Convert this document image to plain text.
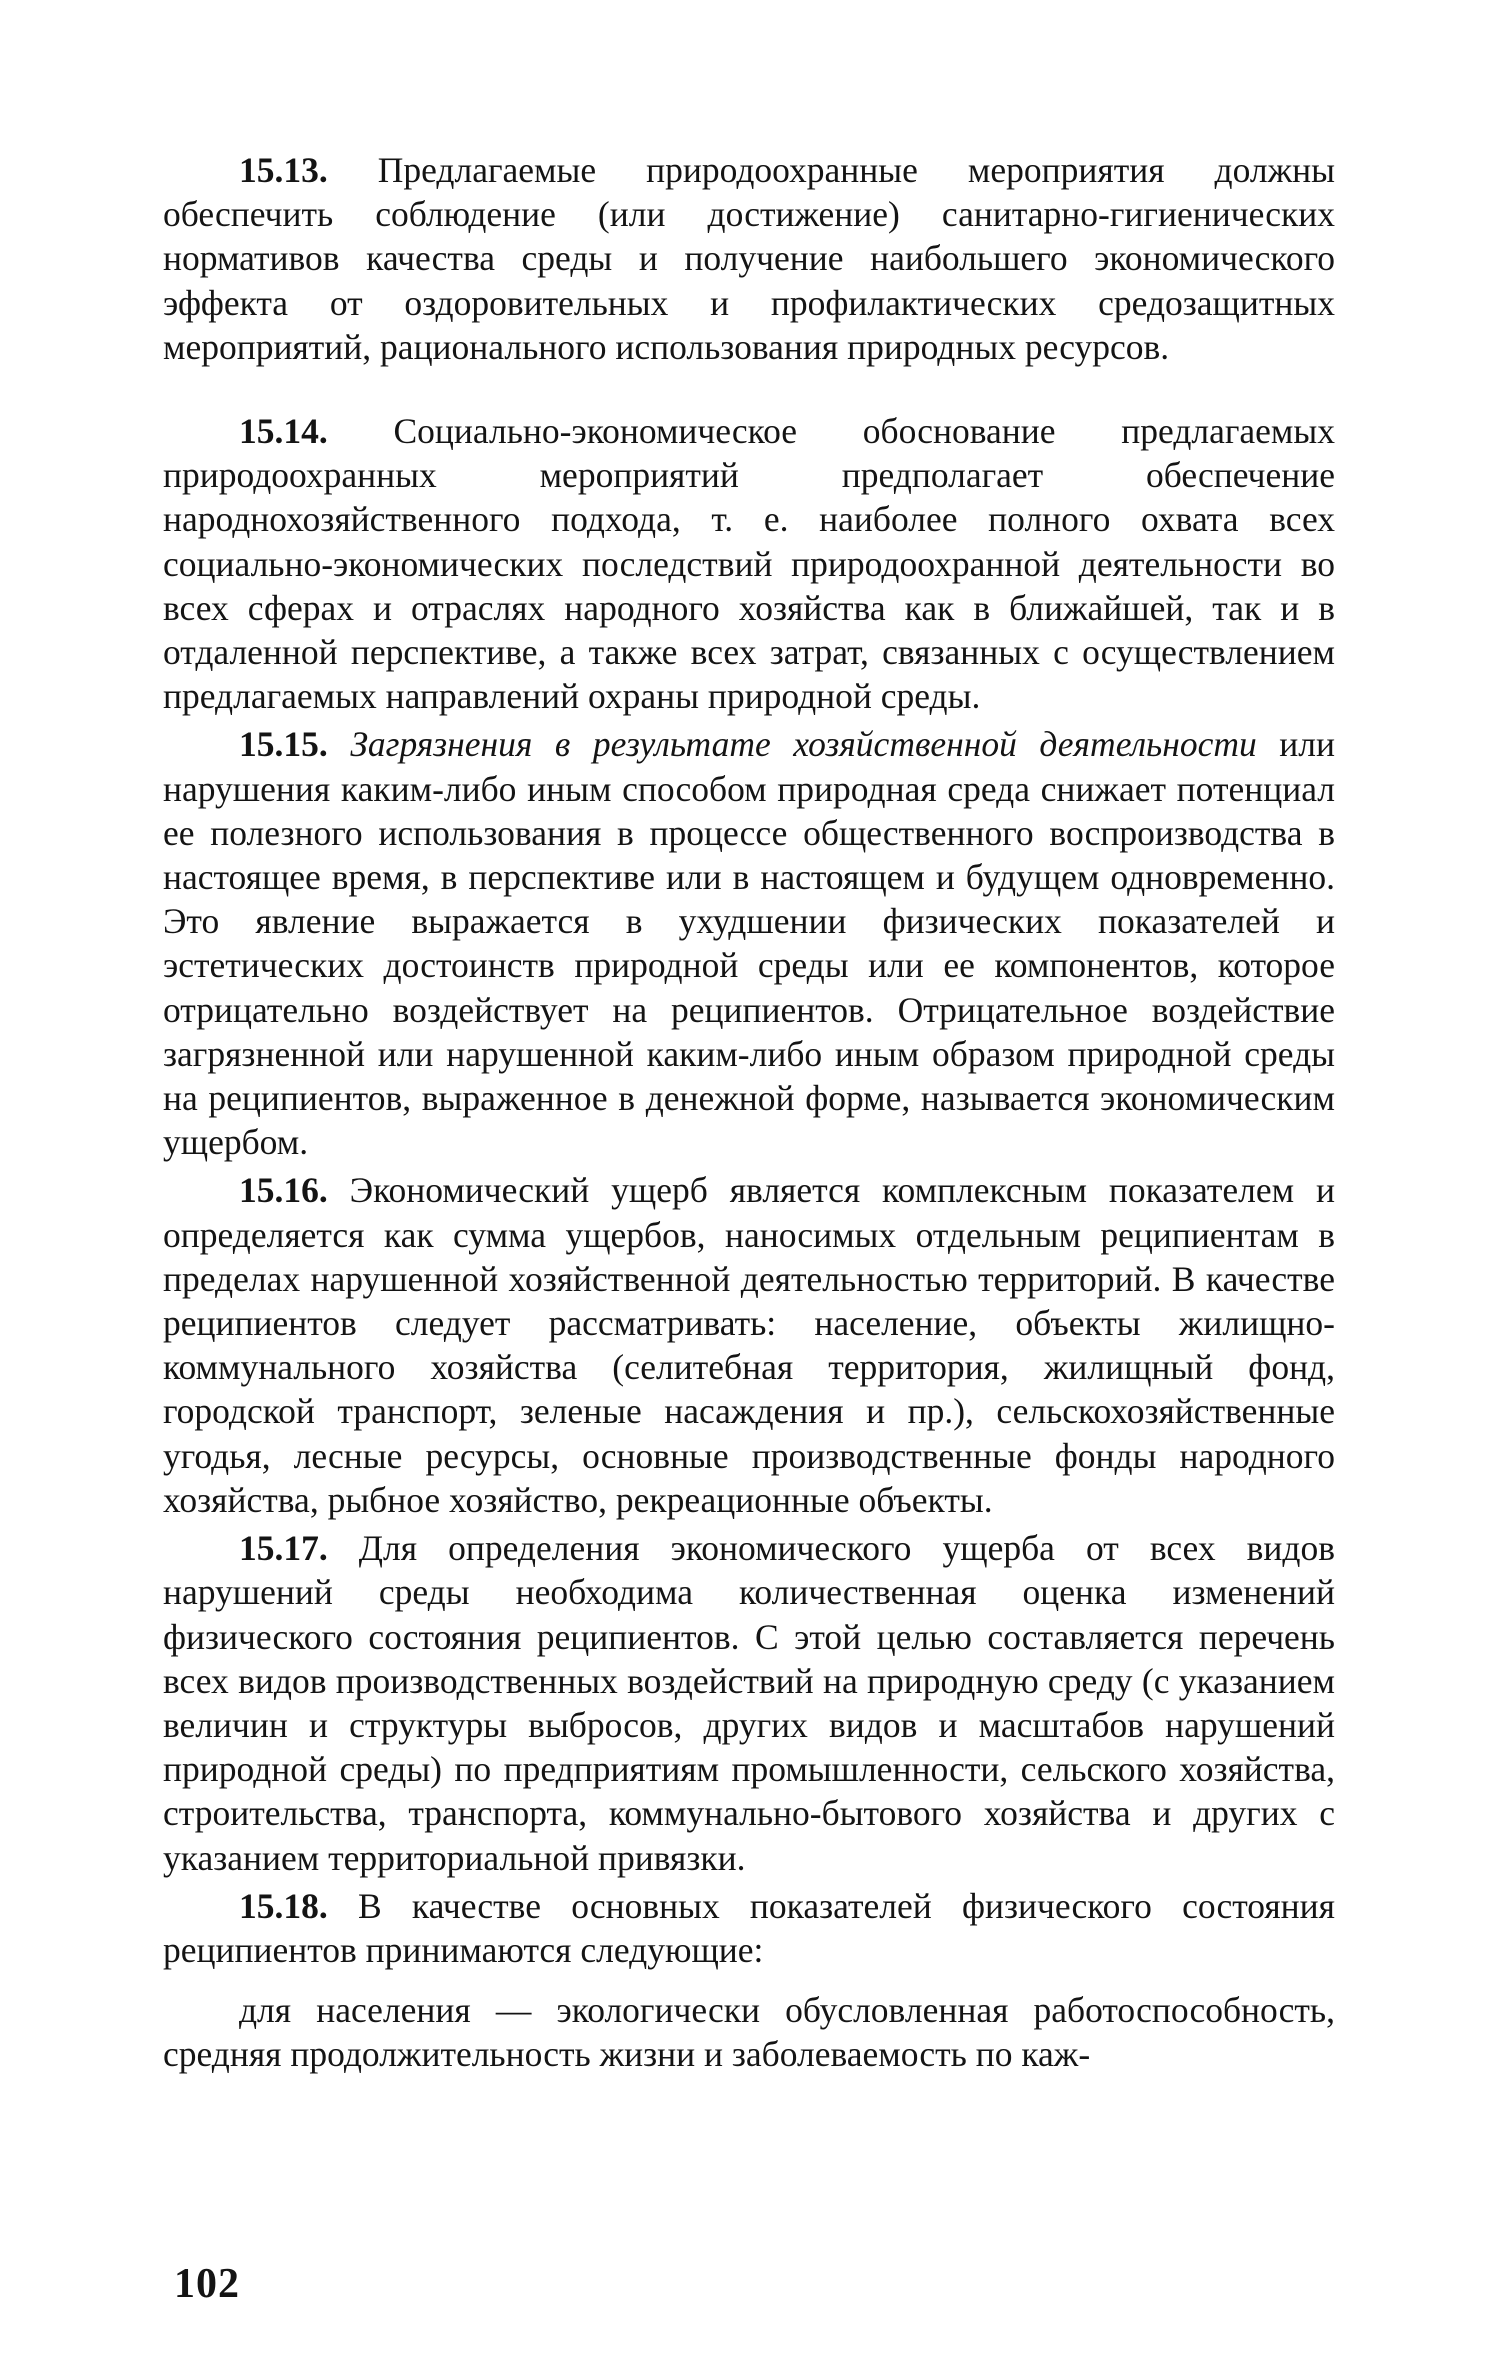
15.13. Предлагаемые природоохранные мероприятия должны обеспечить соблюдение (или достижение) санитарно-гигиенических нормативов качества среды и получение наибольшего экономического эффекта от оздоровительных и профилактических средозащитных мероприятий, рационального использования природных ресурсов.

15.14. Социально-экономическое обоснование предлагаемых природоохранных мероприятий предполагает обеспечение народнохозяйственного подхода, т. е. наиболее полного охвата всех социально-экономических последствий природоохранной деятельности во всех сферах и отраслях народного хозяйства как в ближайшей, так и в отдаленной перспективе, а также всех затрат, связанных с осуществлением предлагаемых направлений охраны природной среды.

15.15. Загрязнения в результате хозяйственной деятельности или нарушения каким-либо иным способом природная среда снижает потенциал ее полезного использования в процессе общественного воспроизводства в настоящее время, в перспективе или в настоящем и будущем одновременно. Это явление выражается в ухудшении физических показателей и эстетических достоинств природной среды или ее компонентов, которое отрицательно воздействует на реципиентов. Отрицательное воздействие загрязненной или нарушенной каким-либо иным образом природной среды на реципиентов, выраженное в денежной форме, называется экономическим ущербом.

15.16. Экономический ущерб является комплексным показателем и определяется как сумма ущербов, наносимых отдельным реципиентам в пределах нарушенной хозяйственной деятельностью территорий. В качестве реципиентов следует рассматривать: население, объекты жилищно-коммунального хозяйства (селитебная территория, жилищный фонд, городской транспорт, зеленые насаждения и пр.), сельскохозяйственные угодья, лесные ресурсы, основные производственные фонды народного хозяйства, рыбное хозяйство, рекреационные объекты.

15.17. Для определения экономического ущерба от всех видов нарушений среды необходима количественная оценка изменений физического состояния реципиентов. С этой целью составляется перечень всех видов производственных воздействий на природную среду (с указанием величин и структуры выбросов, других видов и масштабов нарушений природной среды) по предприятиям промышленности, сельского хозяйства, строительства, транспорта, коммунально-бытового хозяйства и других с указанием территориальной привязки.

15.18. В качестве основных показателей физического состояния реципиентов принимаются следующие:

для населения — экологически обусловленная работоспособность, средняя продолжительность жизни и заболеваемость по каж-

102
